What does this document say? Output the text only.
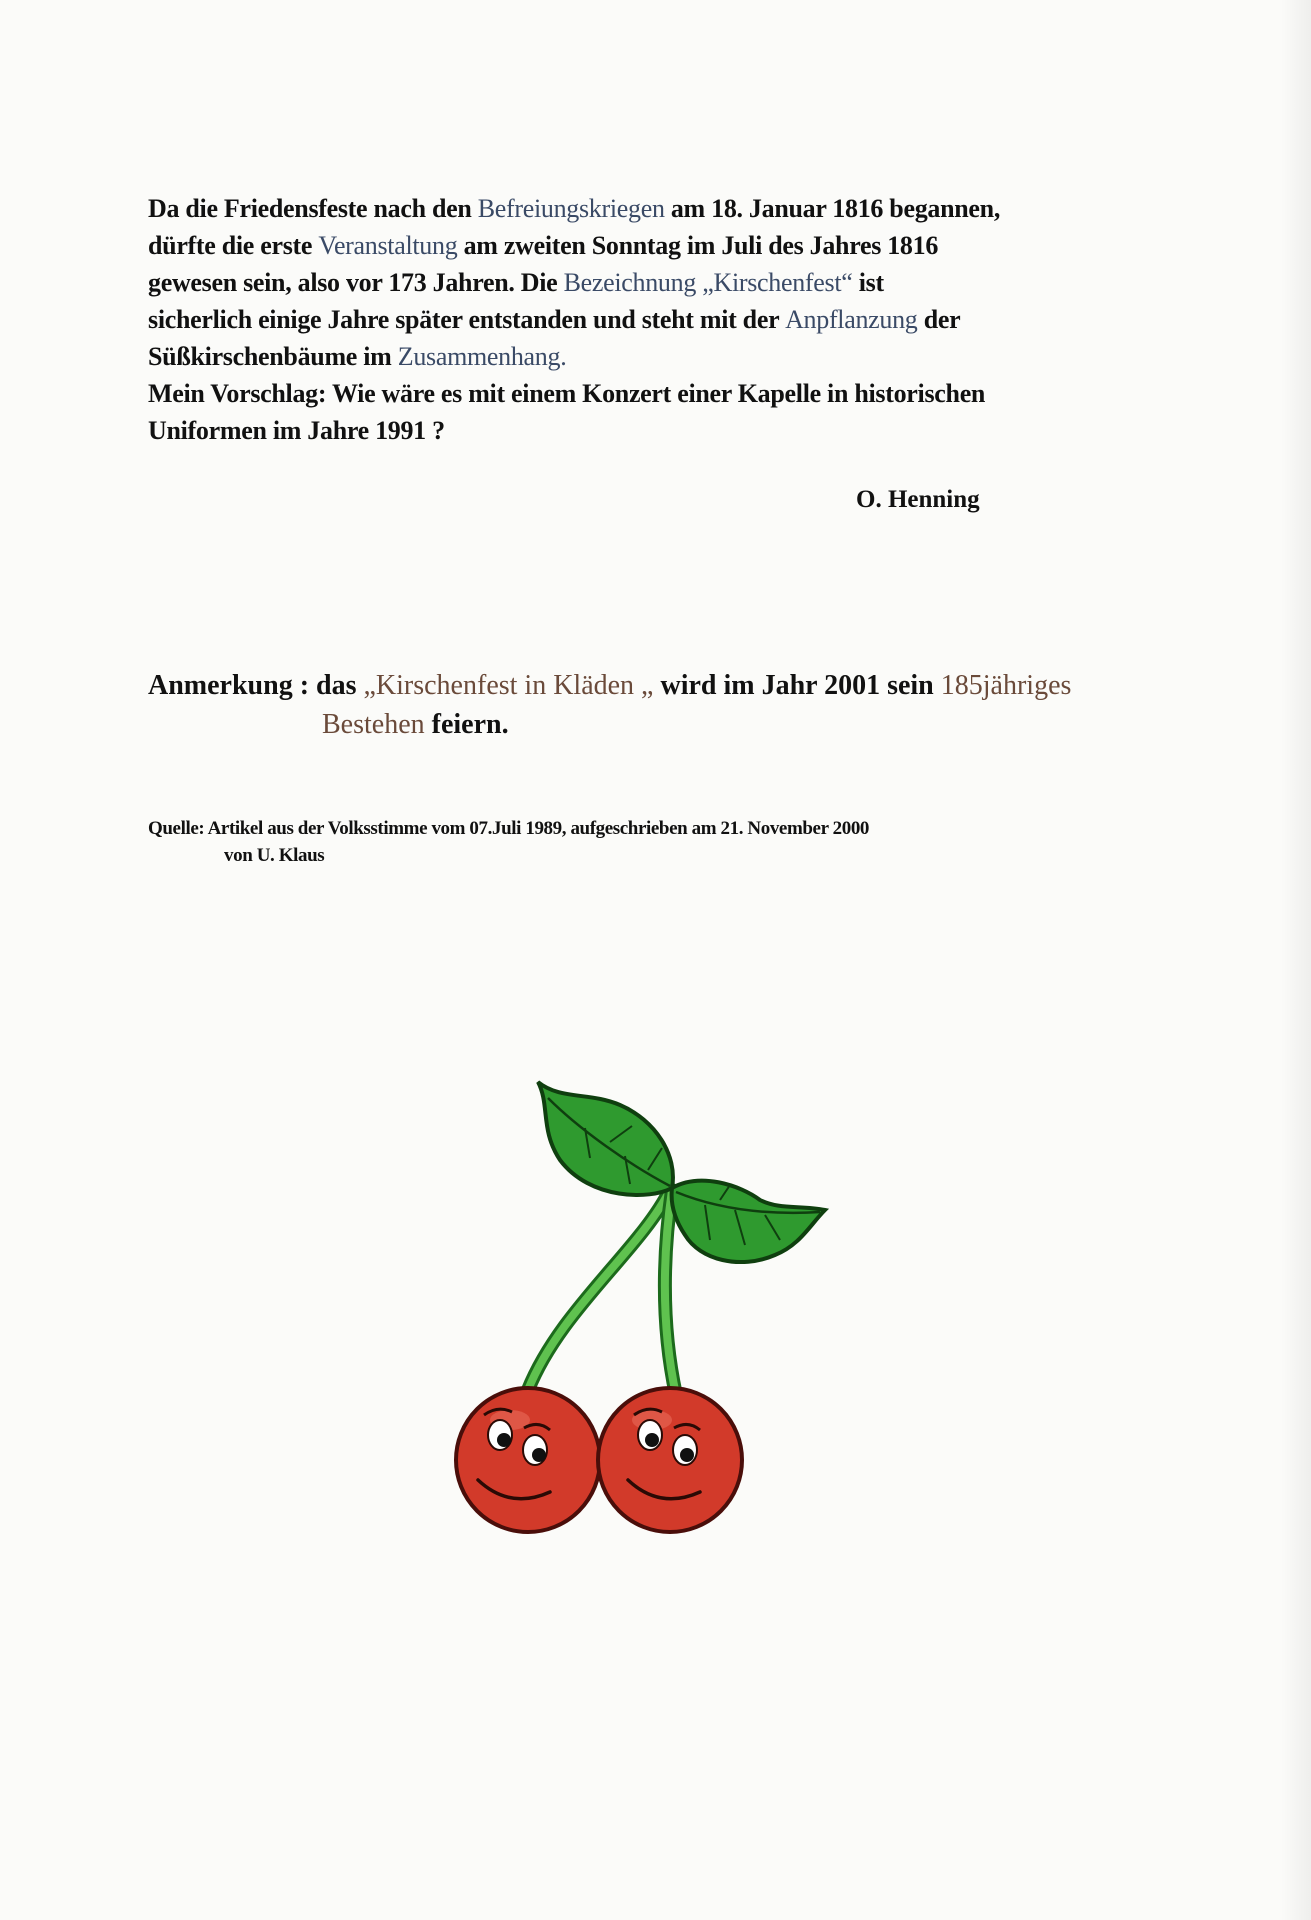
Da die Friedensfeste nach den Befreiungskriegen am 18. Januar 1816 begannen,
dürfte die erste Veranstaltung am zweiten Sonntag im Juli des Jahres 1816
gewesen sein, also vor 173 Jahren. Die Bezeichnung „Kirschenfest“ ist
sicherlich einige Jahre später entstanden und steht mit der Anpflanzung der
Süßkirschenbäume im Zusammenhang.
Mein Vorschlag: Wie wäre es mit einem Konzert einer Kapelle in historischen
Uniformen im Jahre 1991 ?
O. Henning
Anmerkung : das „Kirschenfest in Kläden „ wird im Jahr 2001 sein 185jähriges
Bestehen feiern.
Quelle: Artikel aus der Volksstimme vom 07.Juli 1989, aufgeschrieben am 21. November 2000
von U. Klaus
